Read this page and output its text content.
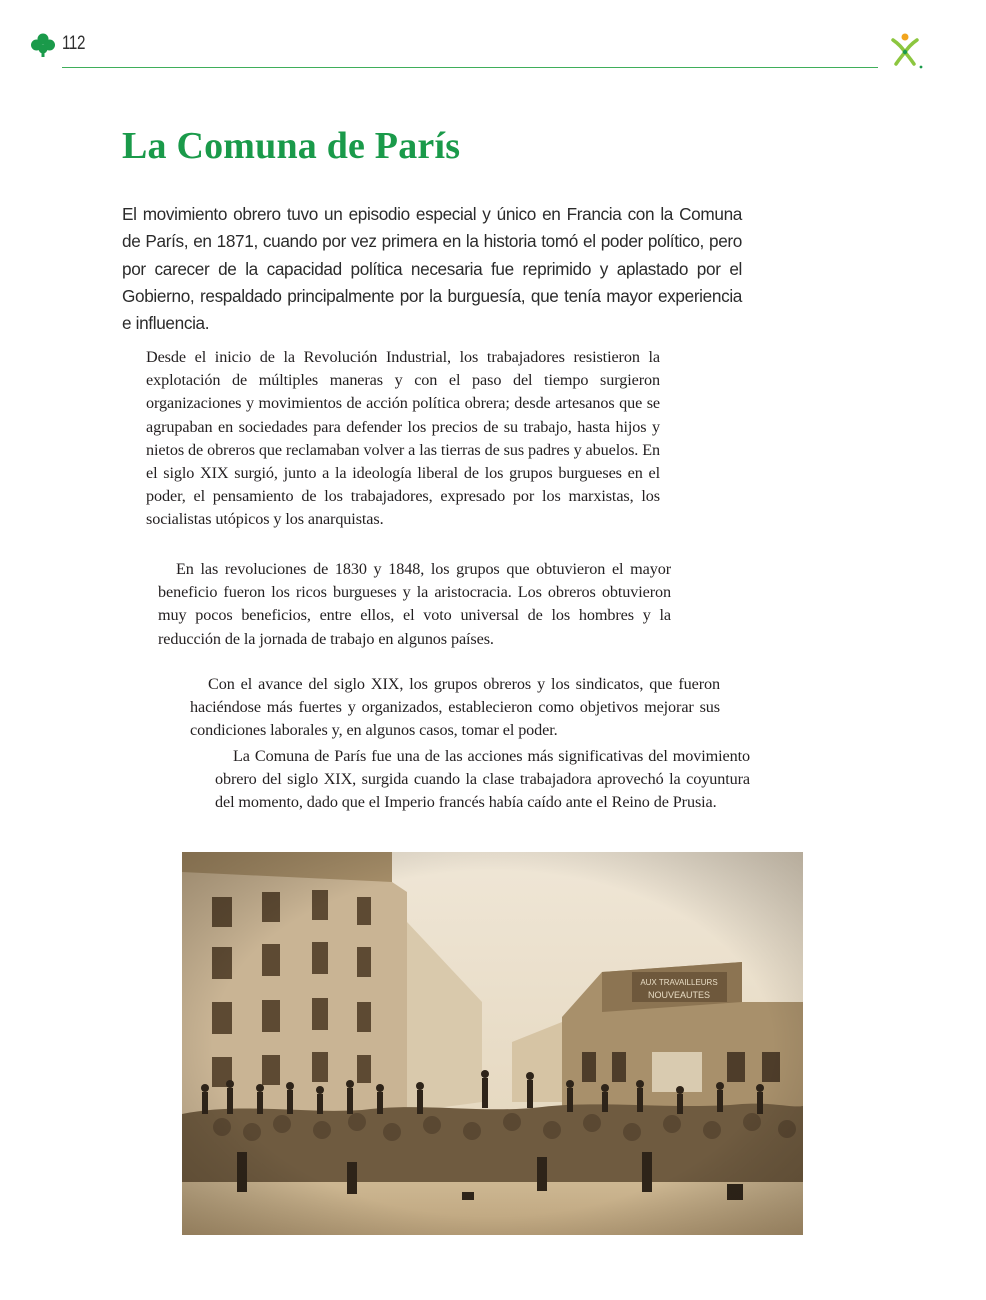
112
La Comuna de París

El movimiento obrero tuvo un episodio especial y único en Francia con la Comuna de París, en 1871, cuando por vez primera en la historia tomó el poder político, pero por carecer de la capacidad política necesaria fue reprimido y aplastado por el Gobierno, respaldado principalmente por la burguesía, que tenía mayor experiencia e influencia.

Desde el inicio de la Revolución Industrial, los trabajadores resistieron la explotación de múltiples maneras y con el paso del tiempo surgieron organizaciones y movimientos de acción política obrera; desde artesanos que se agrupaban en sociedades para defender los precios de su trabajo, hasta hijos y nietos de obreros que reclamaban volver a las tierras de sus padres y abuelos. En el siglo XIX surgió, junto a la ideología liberal de los grupos burgueses en el poder, el pensamiento de los trabajadores, expresado por los marxistas, los socialistas utópicos y los anarquistas.

En las revoluciones de 1830 y 1848, los grupos que obtuvieron el mayor beneficio fueron los ricos burgueses y la aristocracia. Los obreros obtuvieron muy pocos beneficios, entre ellos, el voto universal de los hombres y la reducción de la jornada de trabajo en algunos países.

Con el avance del siglo XIX, los grupos obreros y los sindicatos, que fueron haciéndose más fuertes y organizados, establecieron como objetivos mejorar sus condiciones laborales y, en algunos casos, tomar el poder.

La Comuna de París fue una de las acciones más significativas del movimiento obrero del siglo XIX, surgida cuando la clase trabajadora aprovechó la coyuntura del momento, dado que el Imperio francés había caído ante el Reino de Prusia.
